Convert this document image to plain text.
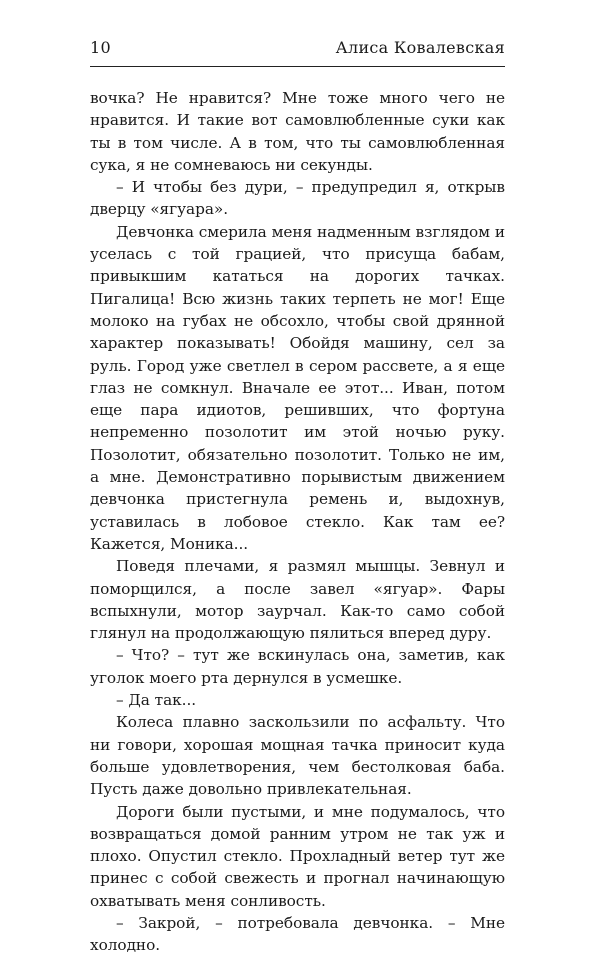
10	Алиса Ковалевская

вочка? Не нравится? Мне тоже много чего не нравится. И такие вот самовлюбленные суки как ты в том числе. А в том, что ты самовлюбленная сука, я не сомневаюсь ни секунды.

– И чтобы без дури, – предупредил я, открыв дверцу «ягуара».

Девчонка смерила меня надменным взглядом и уселась с той грацией, что присуща бабам, привыкшим кататься на дорогих тачках. Пигалица! Всю жизнь таких терпеть не мог! Еще молоко на губах не обсохло, чтобы свой дрянной характер показывать! Обойдя машину, сел за руль. Город уже светлел в сером рассвете, а я еще глаз не сомкнул. Вначале ее этот... Иван, потом еще пара идиотов, решивших, что фортуна непременно позолотит им этой ночью руку. Позолотит, обязательно позолотит. Только не им, а мне. Демонстративно порывистым движением девчонка пристегнула ремень и, выдохнув, уставилась в лобовое стекло. Как там ее? Кажется, Моника...

Поведя плечами, я размял мышцы. Зевнул и поморщился, а после завел «ягуар». Фары вспыхнули, мотор заурчал. Как-то само собой глянул на продолжающую пялиться вперед дуру.

– Что? – тут же вскинулась она, заметив, как уголок моего рта дернулся в усмешке.

– Да так...

Колеса плавно заскользили по асфальту. Что ни говори, хорошая мощная тачка приносит куда больше удовлетворения, чем бестолковая баба. Пусть даже довольно привлекательная.

Дороги были пустыми, и мне подумалось, что возвращаться домой ранним утром не так уж и плохо. Опустил стекло. Прохладный ветер тут же принес с собой свежесть и прогнал начинающую охватывать меня сонливость.

– Закрой, – потребовала девчонка. – Мне холодно.
